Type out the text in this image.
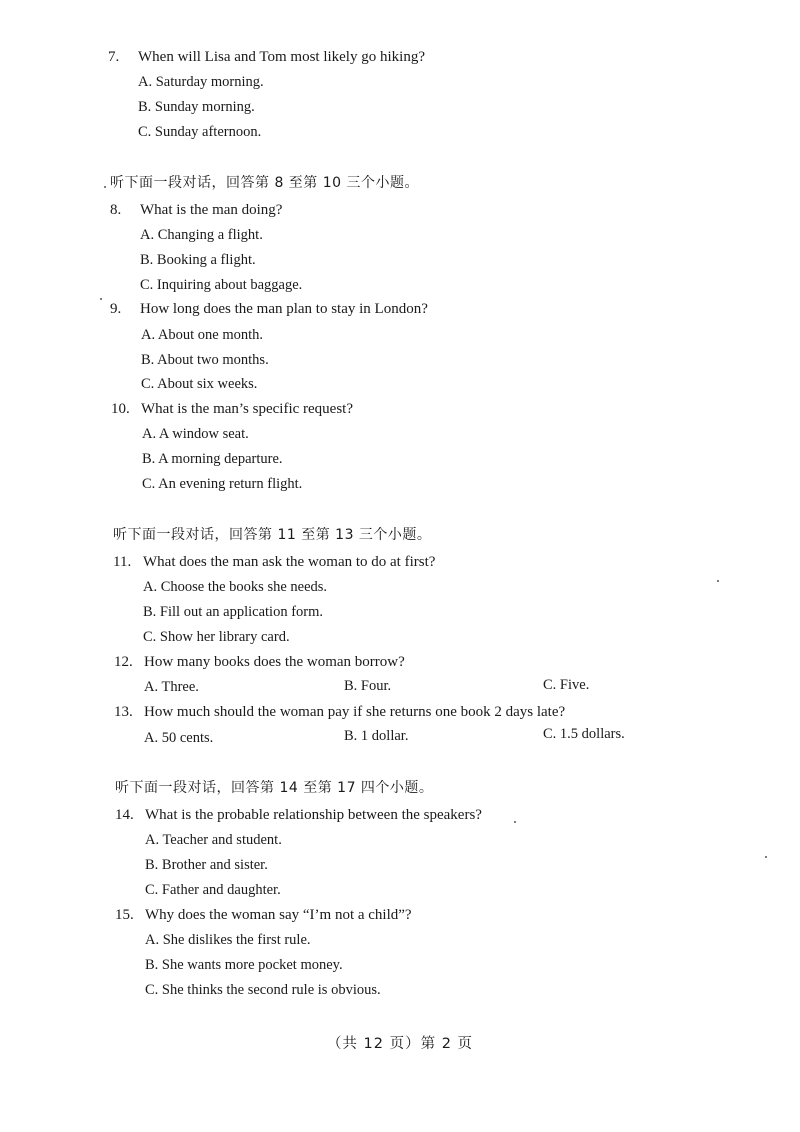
7. When will Lisa and Tom most likely go hiking?
A. Saturday morning.
B. Sunday morning.
C. Sunday afternoon.
听下面一段对话，回答第 8 至第 10 三个小题。
8. What is the man doing?
A. Changing a flight.
B. Booking a flight.
C. Inquiring about baggage.
9. How long does the man plan to stay in London?
A. About one month.
B. About two months.
C. About six weeks.
10. What is the man’s specific request?
A. A window seat.
B. A morning departure.
C. An evening return flight.
听下面一段对话，回答第 11 至第 13 三个小题。
11. What does the man ask the woman to do at first?
A. Choose the books she needs.
B. Fill out an application form.
C. Show her library card.
12. How many books does the woman borrow?
A. Three.	B. Four.	C. Five.
13. How much should the woman pay if she returns one book 2 days late?
A. 50 cents.	B. 1 dollar.	C. 1.5 dollars.
听下面一段对话，回答第 14 至第 17 四个小题。
14. What is the probable relationship between the speakers?
A. Teacher and student.
B. Brother and sister.
C. Father and daughter.
15. Why does the woman say “I’m not a child”?
A. She dislikes the first rule.
B. She wants more pocket money.
C. She thinks the second rule is obvious.
（共 12 页）第 2 页
